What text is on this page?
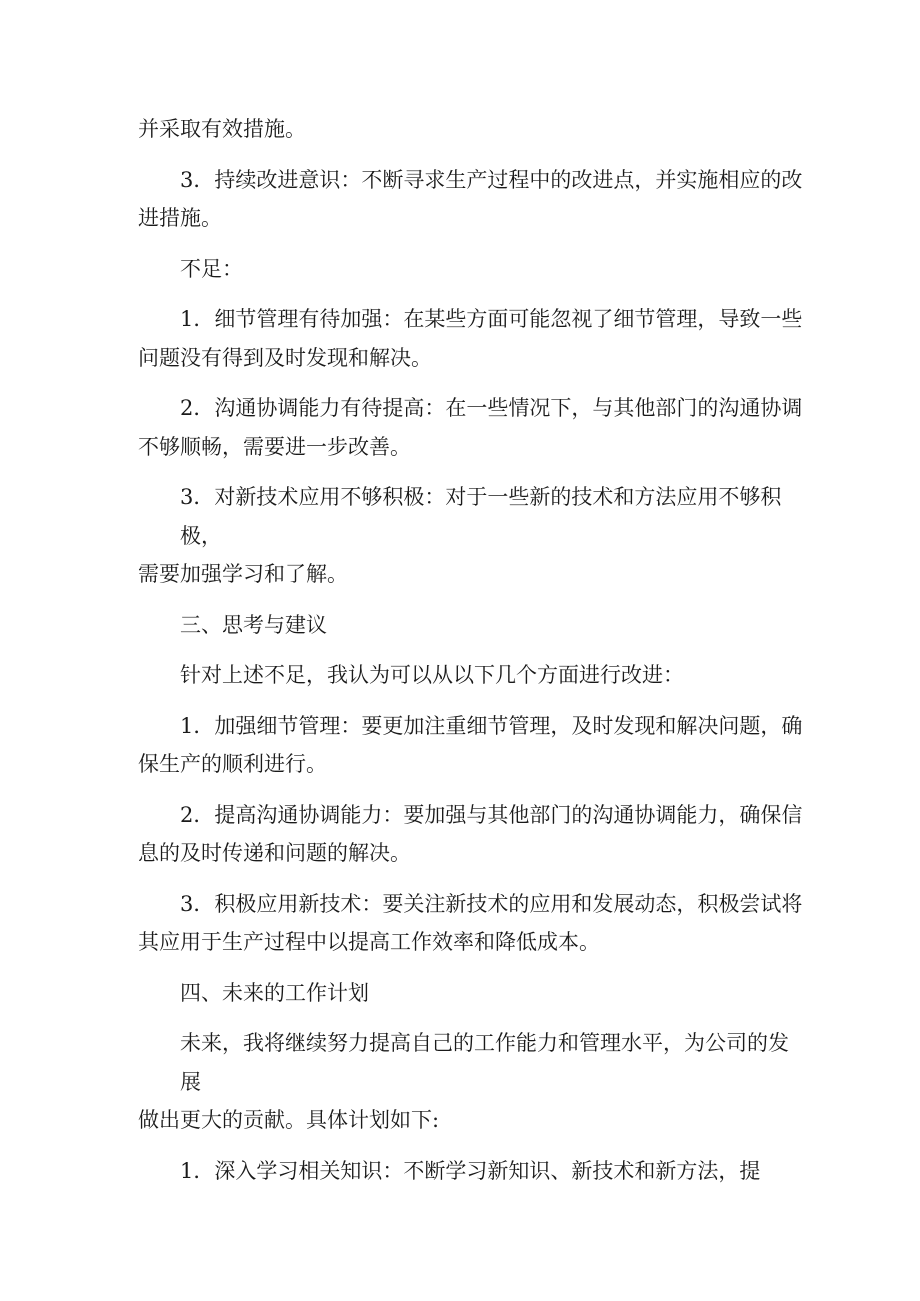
并采取有效措施。

3．持续改进意识：不断寻求生产过程中的改进点，并实施相应的改
进措施。

不足：

1．细节管理有待加强：在某些方面可能忽视了细节管理，导致一些
问题没有得到及时发现和解决。

2．沟通协调能力有待提高：在一些情况下，与其他部门的沟通协调
不够顺畅，需要进一步改善。

3．对新技术应用不够积极：对于一些新的技术和方法应用不够积极，
需要加强学习和了解。

三、思考与建议

针对上述不足，我认为可以从以下几个方面进行改进：

1．加强细节管理：要更加注重细节管理，及时发现和解决问题，确
保生产的顺利进行。

2．提高沟通协调能力：要加强与其他部门的沟通协调能力，确保信
息的及时传递和问题的解决。

3．积极应用新技术：要关注新技术的应用和发展动态，积极尝试将
其应用于生产过程中以提高工作效率和降低成本。

四、未来的工作计划

未来，我将继续努力提高自己的工作能力和管理水平，为公司的发展
做出更大的贡献。具体计划如下:

1．深入学习相关知识：不断学习新知识、新技术和新方法，提
